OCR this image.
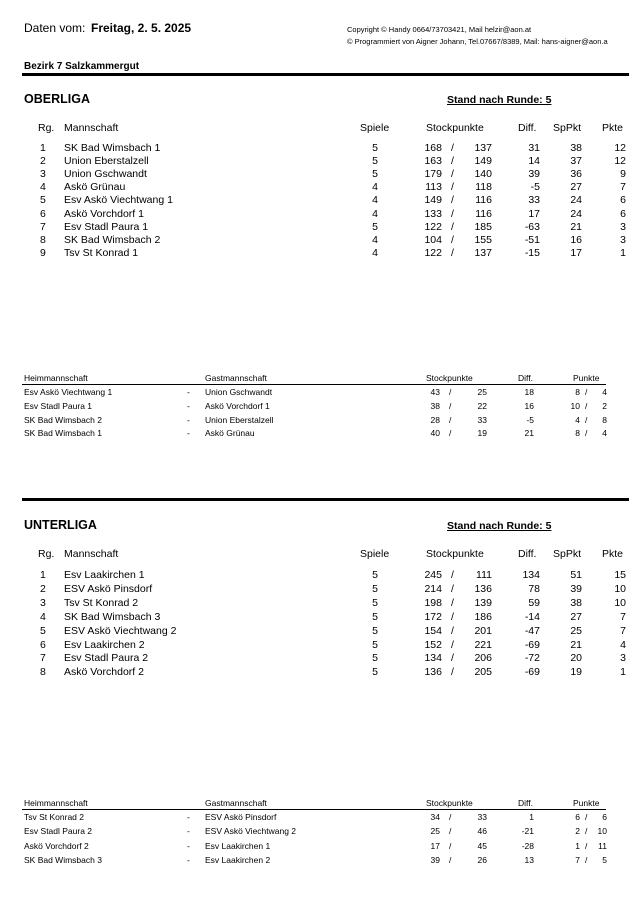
Daten vom: Freitag, 2. 5. 2025	Copyright © Handy 0664/73703421, Mail helzir@aon.at
© Programmiert von Aigner Johann, Tel.07667/8389, Mail: hans-aigner@aon.a
Bezirk 7 Salzkammergut
OBERLIGA	Stand nach Runde: 5
Rg. Mannschaft	Spiele	Stockpunkte	Diff. SpPkt Pkte
1 SK Bad Wimsbach 1	5	168 / 137	31	38	12
2 Union Eberstalzell	5	163 / 149	14	37	12
3 Union Gschwandt	5	179 / 140	39	36	9
4 Askö Grünau	4	113 / 118	-5	27	7
5 Esv Askö Viechtwang 1	4	149 / 116	33	24	6
6 Askö Vorchdorf 1	4	133 / 116	17	24	6
7 Esv Stadl Paura 1	5	122 / 185	-63	21	3
8 SK Bad Wimsbach 2	4	104 / 155	-51	16	3
9 Tsv St Konrad 1	4	122 / 137	-15	17	1
Heimmannschaft	Gastmannschaft	Stockpunkte	Diff.	Punkte
Esv Askö Viechtwang 1	- Union Gschwandt	43 /	25	18	8 / 4
Esv Stadl Paura 1	- Askö Vorchdorf 1	38 /	22	16	10 / 2
SK Bad Wimsbach 2	- Union Eberstalzell	28 /	33	-5	4 / 8
SK Bad Wimsbach 1	- Askö Grünau	40 /	19	21	8 / 4
UNTERLIGA	Stand nach Runde: 5
Rg. Mannschaft	Spiele	Stockpunkte	Diff. SpPkt Pkte
1 Esv Laakirchen 1	5	245 / 111	134	51	15
2 ESV Askö Pinsdorf	5	214 / 136	78	39	10
3 Tsv St Konrad 2	5	198 / 139	59	38	10
4 SK Bad Wimsbach 3	5	172 / 186	-14	27	7
5 ESV Askö Viechtwang 2	5	154 / 201	-47	25	7
6 Esv Laakirchen 2	5	152 / 221	-69	21	4
7 Esv Stadl Paura 2	5	134 / 206	-72	20	3
8 Askö Vorchdorf 2	5	136 / 205	-69	19	1
Heimmannschaft	Gastmannschaft	Stockpunkte	Diff.	Punkte
Tsv St Konrad 2	- ESV Askö Pinsdorf	34 /	33	1	6 / 6
Esv Stadl Paura 2	- ESV Askö Viechtwang 2	25 /	46	-21	2 / 10
Askö Vorchdorf 2	- Esv Laakirchen 1	17 /	45	-28	1 / 11
SK Bad Wimsbach 3	- Esv Laakirchen 2	39 /	26	13	7 / 5
